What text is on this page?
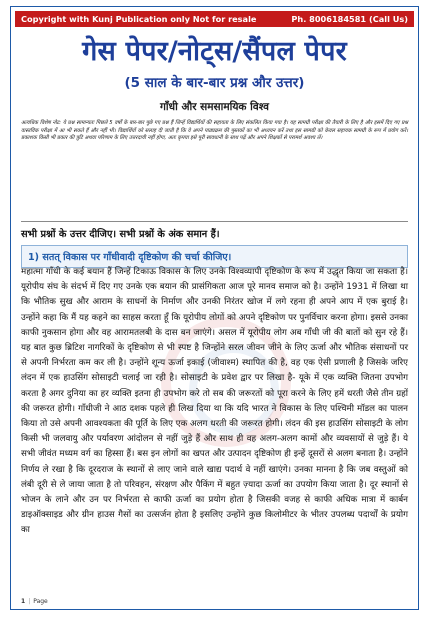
Copyright with Kunj Publication only Not for resale	Ph. 8006184581 (Call Us)
गेस पेपर/नोट्स/सैंपल पेपर
(5 साल के बार-बार प्रश्न और उत्तर)
गाँधी और समसामयिक विश्व
अत्यधिक विशेष नोट: ये प्रश्न सामान्यतः पिछले 5 वर्षों के बार-बार पूछे गए प्रश्न हैं जिन्हें विद्यार्थियों की सहायता के लिए संकलित किया गया है। यह सामग्री परीक्षा की तैयारी के लिए है और इसमें दिए गए प्रश्न वास्तविक परीक्षा में आ भी सकते हैं और नहीं भी। विद्यार्थियों को सलाह दी जाती है कि वे अपने पाठ्यक्रम की पुस्तकों का भी अध्ययन करें तथा इस सामग्री को केवल सहायक सामग्री के रूप में प्रयोग करें। प्रकाशक किसी भी प्रकार की त्रुटि अथवा परिणाम के लिए उत्तरदायी नहीं होगा, अतः कृपया इसे पूरी सावधानी के साथ पढ़ें और अपने शिक्षकों से परामर्श अवश्य लें।
सभी प्रश्नों के उत्तर दीजिए। सभी प्रश्नों के अंक समान हैं।
1) सतत् विकास पर गाँधीवादी दृष्टिकोण की चर्चा कीजिए।
महात्मा गाँधी के कई बयान हैं जिन्हें टिकाऊ विकास के लिए उनके विश्वव्यापी दृष्टिकोण के रूप में उद्धृत किया जा सकता है। यूरोपीय संघ के संदर्भ में दिए गए उनके एक बयान की प्रासंगिकता आज पूरे मानव समाज को है। उन्होंने 1931 में लिखा था कि भौतिक सुख और आराम के साधनों के निर्माण और उनकी निरंतर खोज में लगे रहना ही अपने आप में एक बुराई है। उन्होंने कहा कि मैं यह कहने का साहस करता हूँ कि यूरोपीय लोगों को अपने दृष्टिकोण पर पुनर्विचार करना होगा। इससे उनका काफी नुकसान होगा और वह आरामतलबी के दास बन जाएंगे। असल में यूरोपीय लोग अब गाँधी जी की बातों को सुन रहे हैं। यह बात कुछ ब्रिटिश नागरिकों के दृष्टिकोण से भी स्पष्ट है जिन्होंने सरल जीवन जीने के लिए ऊर्जा और भौतिक संसाधनों पर से अपनी निर्भरता कम कर ली है। उन्होंने शून्य ऊर्जा इकाई (जीवाश्म) स्थापित की है, वह एक ऐसी प्रणाली है जिसके जरिए लंदन में एक हाउसिंग सोसाइटी चलाई जा रही है। सोसाइटी के प्रवेश द्वार पर लिखा है- यूके में एक व्यक्ति जितना उपभोग करता है अगर दुनिया का हर व्यक्ति इतना ही उपभोग करे तो सब की जरूरतों को पूरा करने के लिए हमें धरती जैसे तीन ग्रहों की जरूरत होगी। गाँधीजी ने आठ दशक पहले ही लिख दिया था कि यदि भारत ने विकास के लिए पश्चिमी मॉडल का पालन किया तो उसे अपनी आवश्यकता की पूर्ति के लिए एक अलग धरती की जरूरत होगी। लंदन की इस हाउसिंग सोसाइटी के लोग किसी भी जलवायु और पर्यावरण आंदोलन से नहीं जुड़े हैं और साथ ही वह अलग-अलग कामों और व्यवसायों से जुड़े हैं। ये सभी जीवंत मध्यम वर्ग का हिस्सा हैं। बस इन लोगों का खपत और उत्पादन दृष्टिकोण ही इन्हें दूसरों से अलग बनाता है। उन्होंने निर्णय ले रखा है कि दूरदराज के स्थानों से लाए जाने वाले खाद्य पदार्थ वे नहीं खाएंगे। उनका मानना है कि जब वस्तुओं को लंबी दूरी से ले जाया जाता है तो परिवहन, संरक्षण और पैकिंग में बहुत ज़्यादा ऊर्जा का उपयोग किया जाता है। दूर स्थानों से भोजन के लाने और उन पर निर्भरता से काफी ऊर्जा का प्रयोग होता है जिसकी वजह से काफी अधिक मात्रा में कार्बन डाइऑक्साइड और ग्रीन हाउस गैसों का उत्सर्जन होता है इसलिए उन्होंने कुछ किलोमीटर के भीतर उपलब्ध पदार्थों के प्रयोग का
1 | Page
